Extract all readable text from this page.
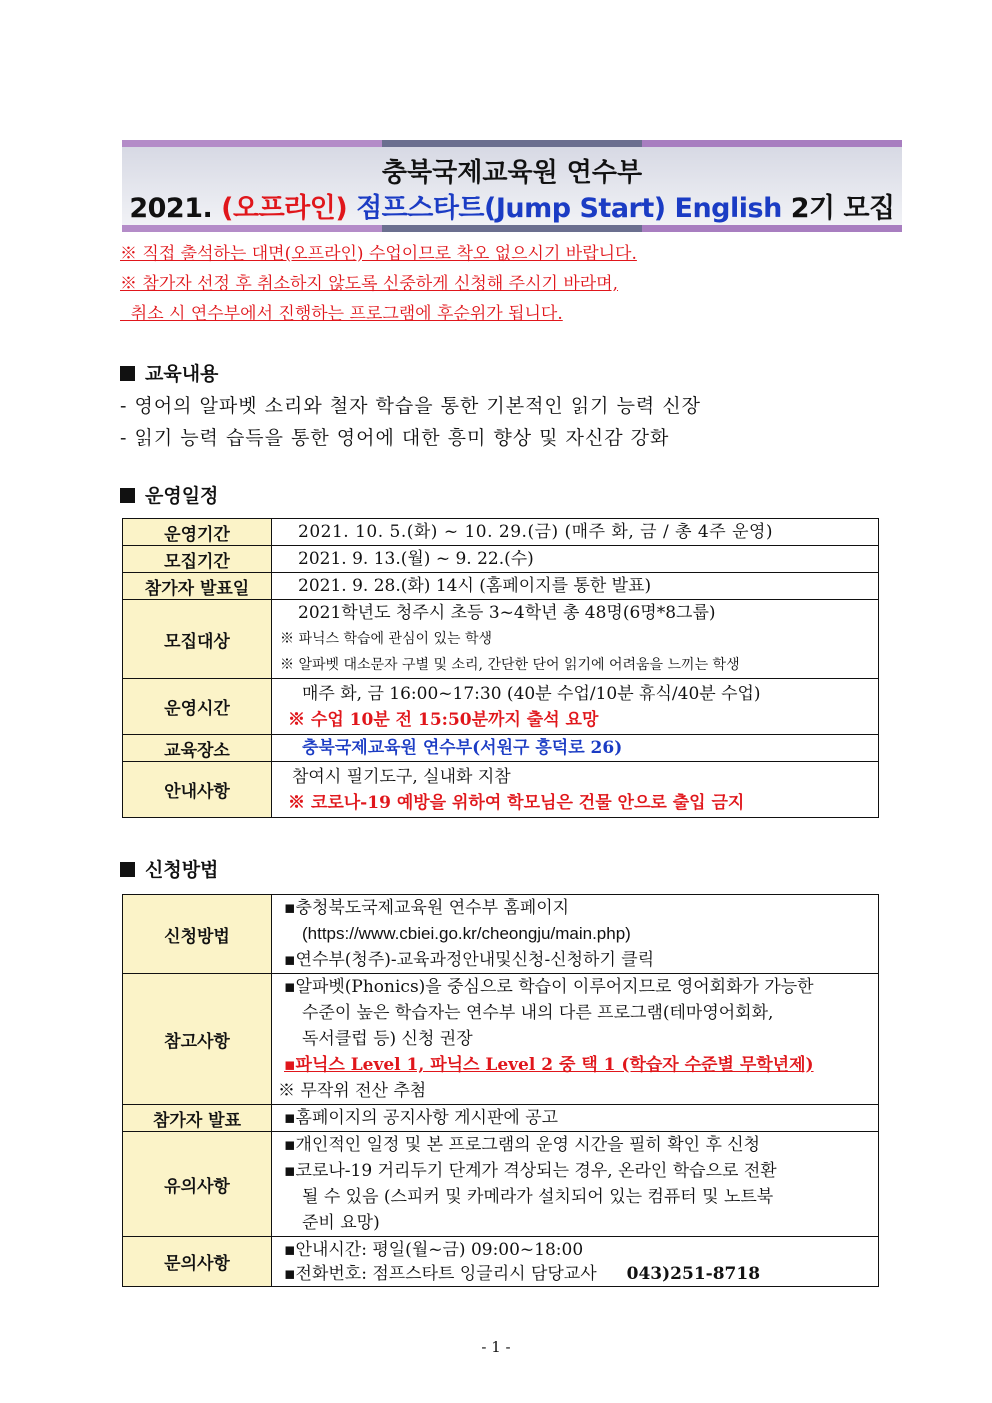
충북국제교육원 연수부
2021. (오프라인) 점프스타트(Jump Start) English 2기 모집
※ 직접 출석하는 대면(오프라인) 수업이므로 착오 없으시기 바랍니다.
※ 참가자 선정 후 취소하지 않도록 신중하게 신청해 주시기 바라며,
취소 시 연수부에서 진행하는 프로그램에 후순위가 됩니다.
교육내용
- 영어의 알파벳 소리와 철자 학습을 통한 기본적인 읽기 능력 신장
- 읽기 능력 습득을 통한 영어에 대한 흥미 향상 및 자신감 강화
운영일정
운영기간	2021. 10. 5.(화) ~ 10. 29.(금) (매주 화, 금 / 총 4주 운영)

모집기간	2021. 9. 13.(월) ~ 9. 22.(수)

참가자 발표일	2021. 9. 28.(화) 14시 (홈페이지를 통한 발표)

모집대상	2021학년도 청주시 초등 3~4학년 총 48명(6명*8그룹)
※ 파닉스 학습에 관심이 있는 학생
※ 알파벳 대소문자 구별 및 소리, 간단한 단어 읽기에 어려움을 느끼는 학생

운영시간	매주 화, 금 16:00~17:30 (40분 수업/10분 휴식/40분 수업)
※ 수업 10분 전 15:50분까지 출석 요망

교육장소	충북국제교육원 연수부(서원구 흥덕로 26)

안내사항	참여시 필기도구, 실내화 지참
※ 코로나-19 예방을 위하여 학모님은 건물 안으로 출입 금지
신청방법
신청방법	▪충청북도국제교육원 연수부 홈페이지
(https://www.cbiei.go.kr/cheongju/main.php)
▪연수부(청주)-교육과정안내및신청-신청하기 클릭

참고사항	▪알파벳(Phonics)을 중심으로 학습이 이루어지므로 영어회화가 가능한
수준이 높은 학습자는 연수부 내의 다른 프로그램(테마영어회화,
독서클럽 등) 신청 권장
▪파닉스 Level 1, 파닉스 Level 2 중 택 1 (학습자 수준별 무학년제)
※ 무작위 전산 추첨

참가자 발표	▪홈페이지의 공지사항 게시판에 공고

유의사항	▪개인적인 일정 및 본 프로그램의 운영 시간을 필히 확인 후 신청
▪코로나-19 거리두기 단계가 격상되는 경우, 온라인 학습으로 전환
될 수 있음 (스피커 및 카메라가 설치되어 있는 컴퓨터 및 노트북
준비 요망)

문의사항	▪안내시간: 평일(월~금) 09:00~18:00
▪전화번호: 점프스타트 잉글리시 담당교사 043)251-8718
- 1 -
